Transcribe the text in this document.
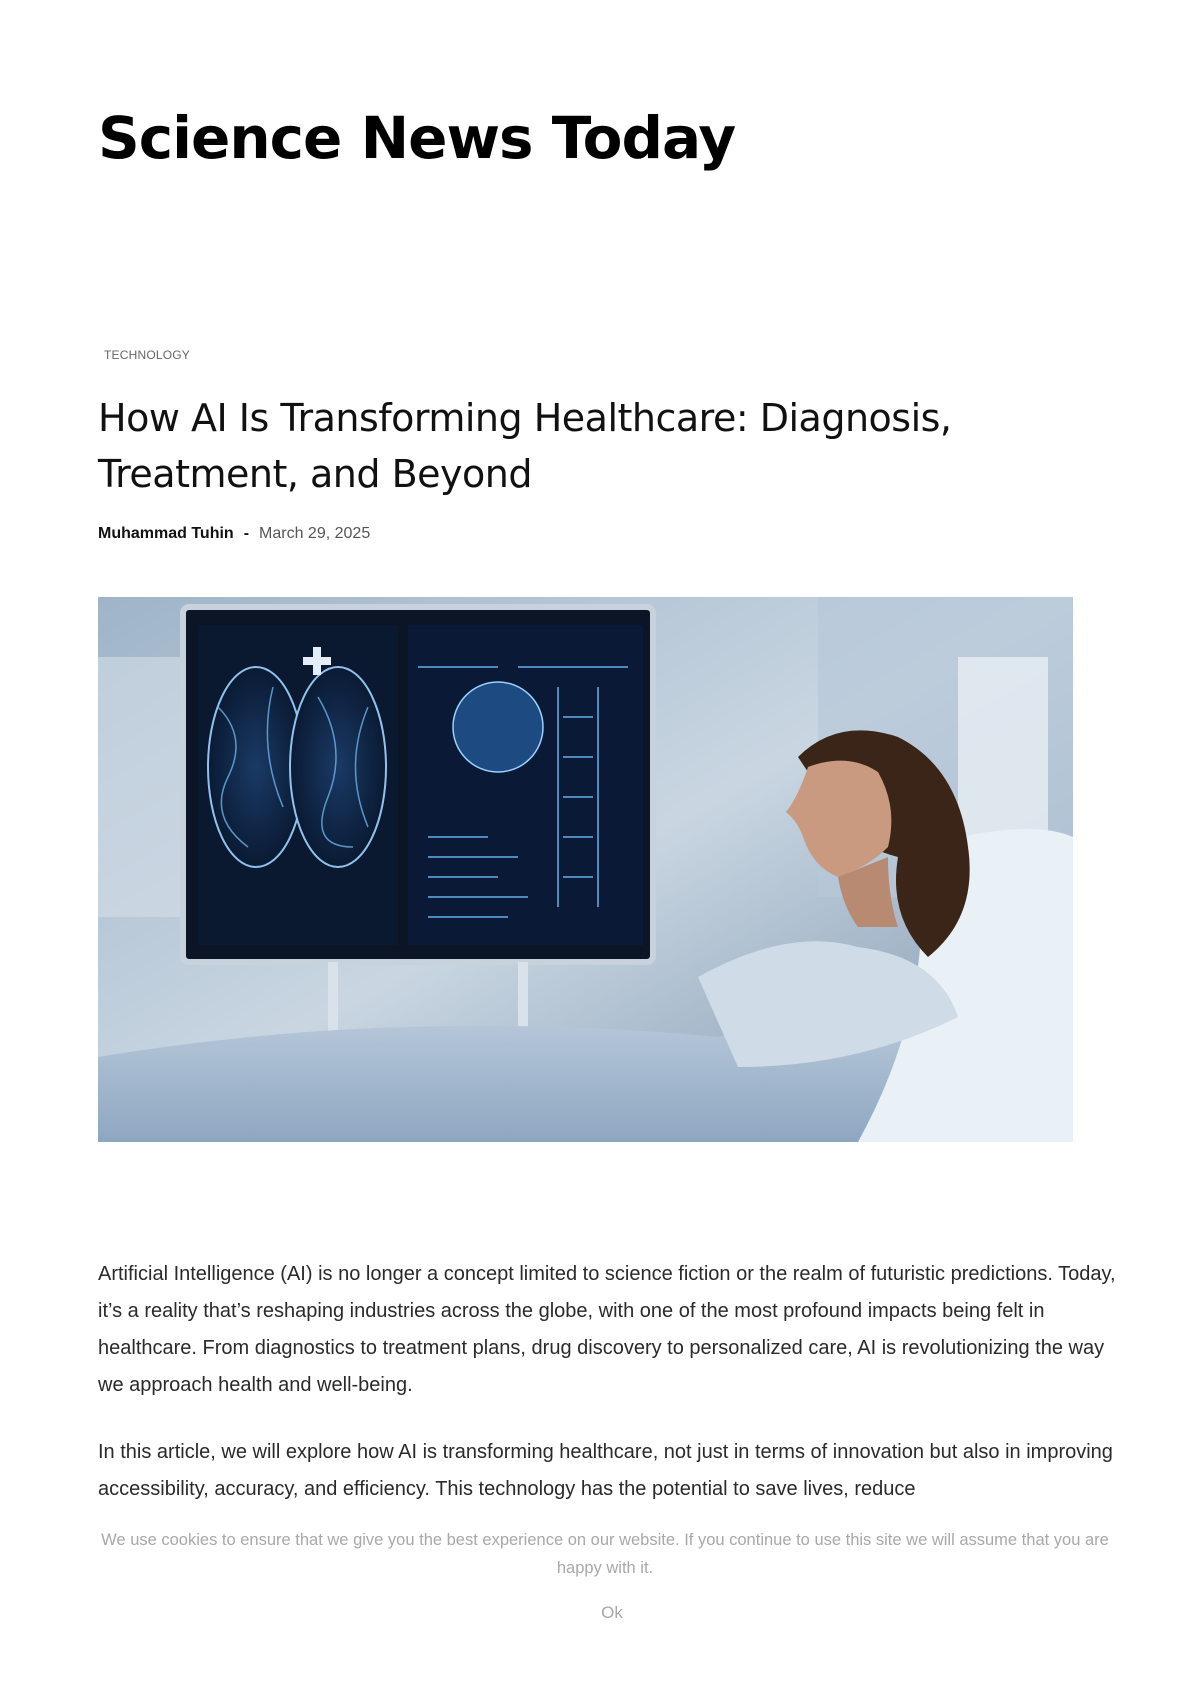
Science News Today
TECHNOLOGY
How AI Is Transforming Healthcare: Diagnosis, Treatment, and Beyond
Muhammad Tuhin - March 29, 2025

Artificial Intelligence (AI) is no longer a concept limited to science fiction or the realm of futuristic predictions. Today, it’s a reality that’s reshaping industries across the globe, with one of the most profound impacts being felt in healthcare. From diagnostics to treatment plans, drug discovery to personalized care, AI is revolutionizing the way we approach health and well-being.

In this article, we will explore how AI is transforming healthcare, not just in terms of innovation but also in improving accessibility, accuracy, and efficiency. This technology has the potential to save lives, reduce

We use cookies to ensure that we give you the best experience on our website. If you continue to use this site we will assume that you are happy with it.
Ok
